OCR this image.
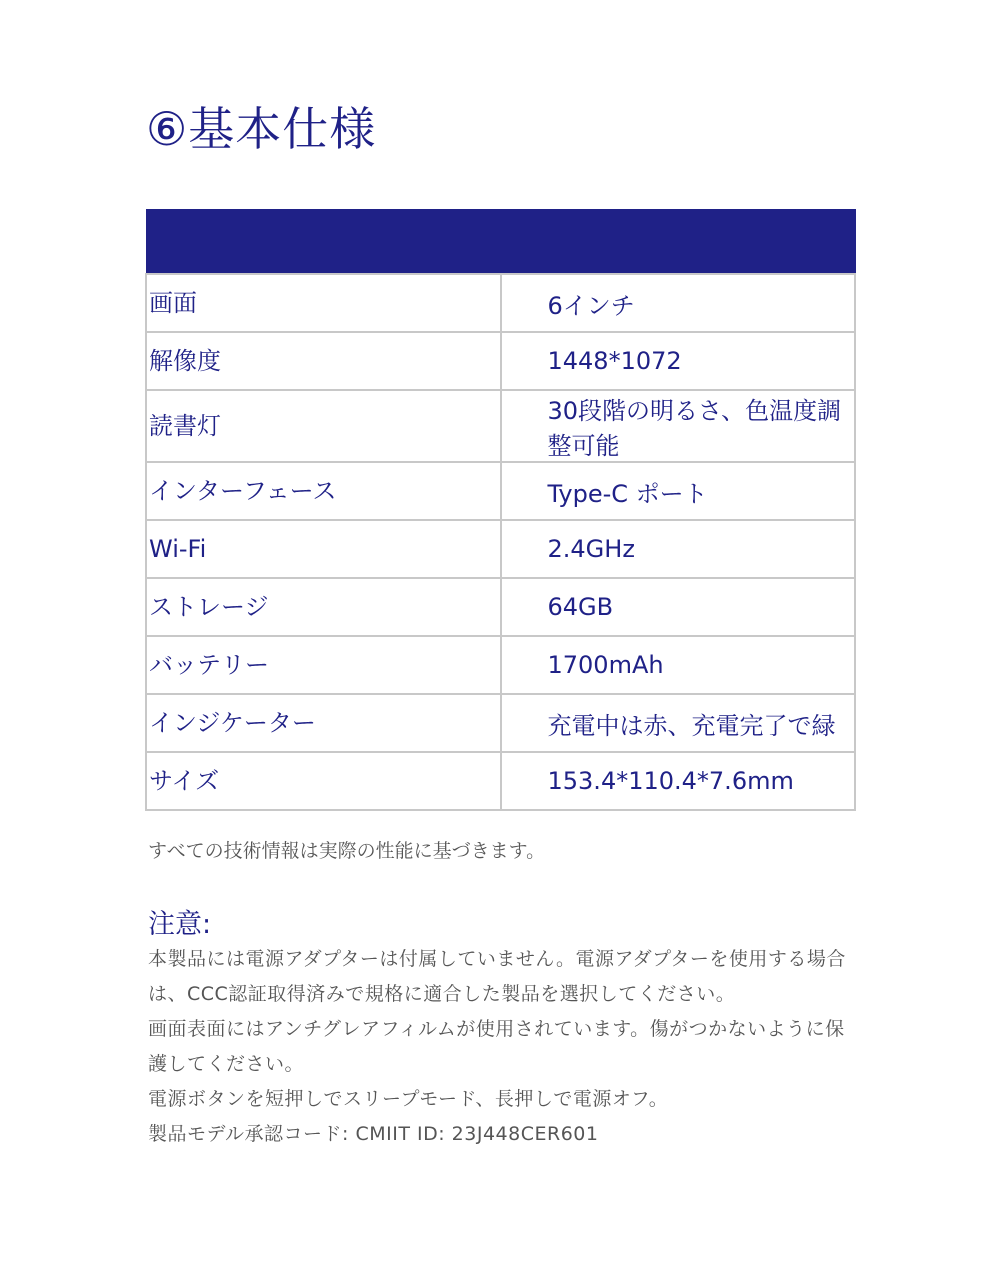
⑥基本仕様

画面	6インチ
解像度	1448*1072
読書灯	30段階の明るさ、色温度調整可能
インターフェース	Type-C ポート
Wi-Fi	2.4GHz
ストレージ	64GB
バッテリー	1700mAh
インジケーター	充電中は赤、充電完了で緑
サイズ	153.4*110.4*7.6mm
すべての技術情報は実際の性能に基づきます。
注意:
本製品には電源アダプターは付属していません。電源アダプターを使用する場合は、CCC認証取得済みで規格に適合した製品を選択してください。
画面表面にはアンチグレアフィルムが使用されています。傷がつかないように保護してください。
電源ボタンを短押しでスリープモード、長押しで電源オフ。
製品モデル承認コード: CMIIT ID: 23J448CER601
